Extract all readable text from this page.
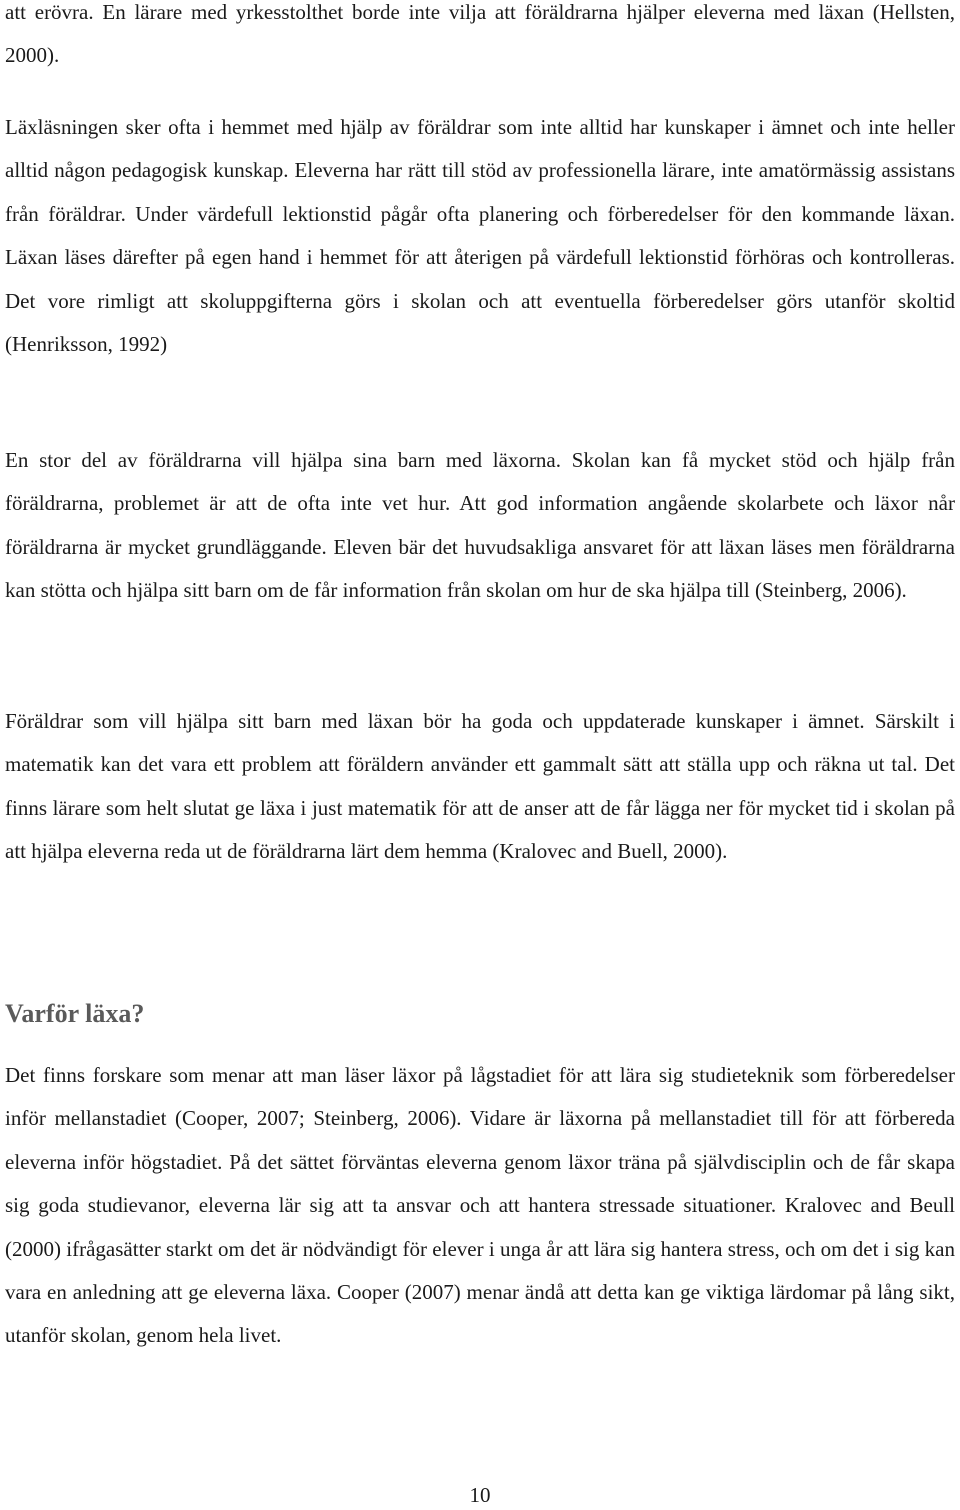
att erövra. En lärare med yrkesstolthet borde inte vilja att föräldrarna hjälper eleverna med läxan (Hellsten, 2000).

Läxläsningen sker ofta i hemmet med hjälp av föräldrar som inte alltid har kunskaper i ämnet och inte heller alltid någon pedagogisk kunskap. Eleverna har rätt till stöd av professionella lärare, inte amatörmässig assistans från föräldrar. Under värdefull lektionstid pågår ofta planering och förberedelser för den kommande läxan. Läxan läses därefter på egen hand i hemmet för att återigen på värdefull lektionstid förhöras och kontrolleras. Det vore rimligt att skoluppgifterna görs i skolan och att eventuella förberedelser görs utanför skoltid (Henriksson, 1992)

En stor del av föräldrarna vill hjälpa sina barn med läxorna. Skolan kan få mycket stöd och hjälp från föräldrarna, problemet är att de ofta inte vet hur. Att god information angående skolarbete och läxor når föräldrarna är mycket grundläggande. Eleven bär det huvudsakliga ansvaret för att läxan läses men föräldrarna kan stötta och hjälpa sitt barn om de får information från skolan om hur de ska hjälpa till (Steinberg, 2006).

Föräldrar som vill hjälpa sitt barn med läxan bör ha goda och uppdaterade kunskaper i ämnet. Särskilt i matematik kan det vara ett problem att föräldern använder ett gammalt sätt att ställa upp och räkna ut tal. Det finns lärare som helt slutat ge läxa i just matematik för att de anser att de får lägga ner för mycket tid i skolan på att hjälpa eleverna reda ut de föräldrarna lärt dem hemma (Kralovec and Buell, 2000).

Varför läxa?

Det finns forskare som menar att man läser läxor på lågstadiet för att lära sig studieteknik som förberedelser inför mellanstadiet (Cooper, 2007; Steinberg, 2006). Vidare är läxorna på mellanstadiet till för att förbereda eleverna inför högstadiet. På det sättet förväntas eleverna genom läxor träna på självdisciplin och de får skapa sig goda studievanor, eleverna lär sig att ta ansvar och att hantera stressade situationer. Kralovec and Beull (2000) ifrågasätter starkt om det är nödvändigt för elever i unga år att lära sig hantera stress, och om det i sig kan vara en anledning att ge eleverna läxa. Cooper (2007) menar ändå att detta kan ge viktiga lärdomar på lång sikt, utanför skolan, genom hela livet.

10
